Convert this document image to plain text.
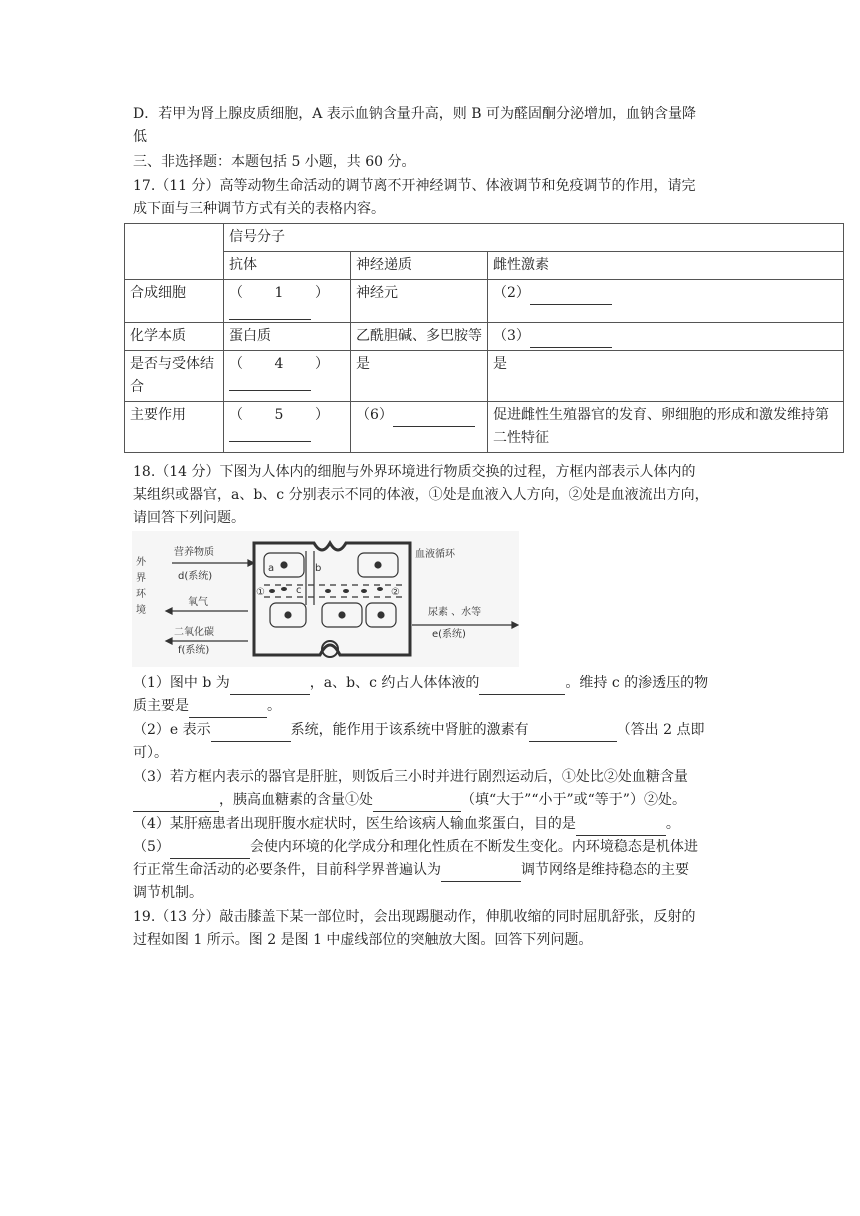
D．若甲为肾上腺皮质细胞，A 表示血钠含量升高，则 B 可为醛固酮分泌增加，血钠含量降

低

三、非选择题：本题包括 5 小题，共 60 分。

17.（11 分）高等动物生命活动的调节离不开神经调节、体液调节和免疫调节的作用，请完

成下面与三种调节方式有关的表格内容。

	信号分子		
	抗体	神经递质	雌性激素
合成细胞	（ 1 ）	神经元	（2）
化学本质	蛋白质	乙酰胆碱、多巴胺等	（3）
是否与受体结合	（ 4 ）	是	是
主要作用	（ 5 ）	（6）	促进雌性生殖器官的发育、卵细胞的形成和激发维持第二性特征

18.（14 分）下图为人体内的细胞与外界环境进行物质交换的过程，方框内部表示人体内的

某组织或器官，a、b、c 分别表示不同的体液，①处是血液入人方向，②处是血液流出方向，

请回答下列问题。

外
界
环
境
营养物质
d(系统)
氧气
二氧化碳
f(系统)
血液循环
尿素 、水等
e(系统)
a	b
c
①	②

（1）图中 b 为	，a、b、c 约占人体体液的	。维持 c 的渗透压的物
质主要是	。

（2）e 表示	系统，能作用于该系统中肾脏的激素有	（答出 2 点即
可）。

（3）若方框内表示的器官是肝脏，则饭后三小时并进行剧烈运动后，①处比②处血糖含量
，胰高血糖素的含量①处	（填“大于”“小于”或“等于”）②处。

（4）某肝癌患者出现肝腹水症状时，医生给该病人输血浆蛋白，目的是	。

（5）	会使内环境的化学成分和理化性质在不断发生变化。内环境稳态是机体进
行正常生命活动的必要条件，目前科学界普遍认为	调节网络是维持稳态的主要
调节机制。

19.（13 分）敲击膝盖下某一部位时，会出现踢腿动作，伸肌收缩的同时屈肌舒张，反射的

过程如图 1 所示。图 2 是图 1 中虚线部位的突触放大图。回答下列问题。
